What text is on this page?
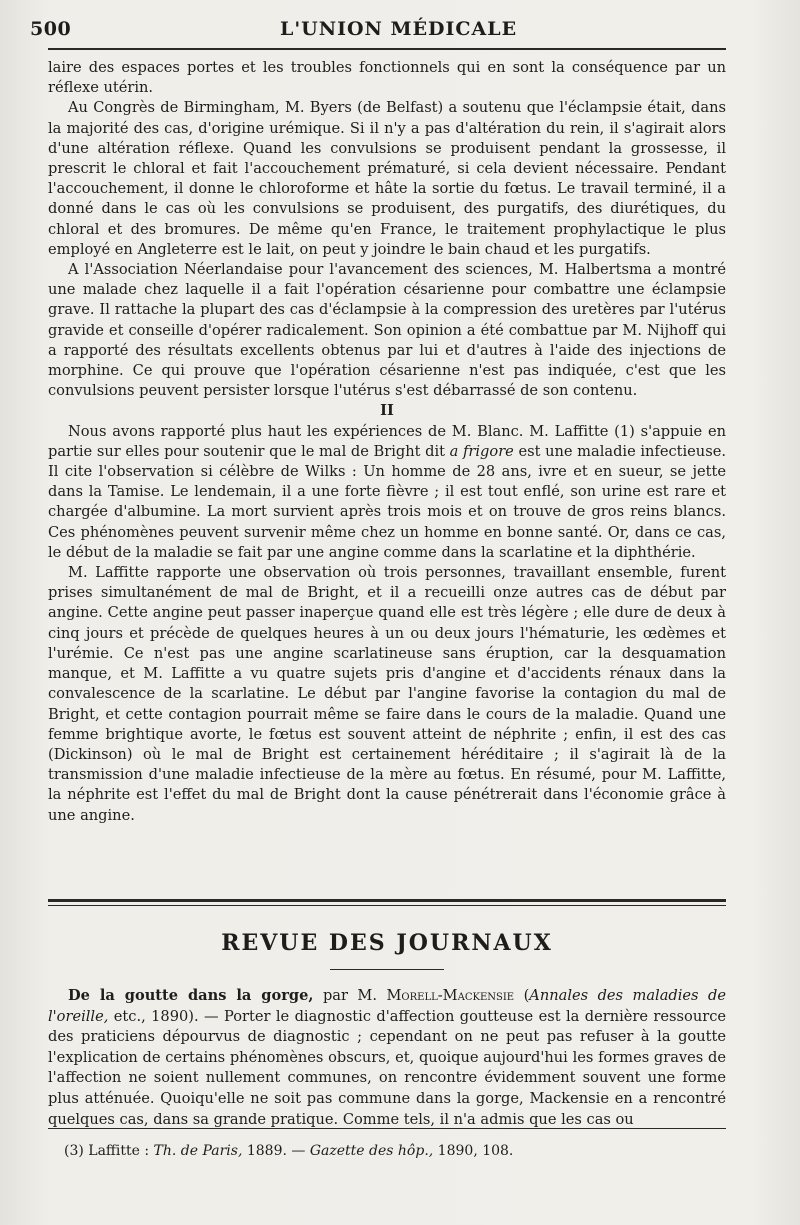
500	L'UNION MÉDICALE

laire des espaces portes et les troubles fonctionnels qui en sont la conséquence par un réflexe utérin.

Au Congrès de Birmingham, M. Byers (de Belfast) a soutenu que l'éclampsie était, dans la majorité des cas, d'origine urémique. Si il n'y a pas d'altération du rein, il s'agirait alors d'une altération réflexe. Quand les convulsions se produisent pendant la grossesse, il prescrit le chloral et fait l'accouchement prématuré, si cela devient nécessaire. Pendant l'accouchement, il donne le chloroforme et hâte la sortie du fœtus. Le travail terminé, il a donné dans le cas où les convulsions se produisent, des purgatifs, des diurétiques, du chloral et des bromures. De même qu'en France, le traitement prophylactique le plus employé en Angleterre est le lait, on peut y joindre le bain chaud et les purgatifs.

A l'Association Néerlandaise pour l'avancement des sciences, M. Halbertsma a montré une malade chez laquelle il a fait l'opération césarienne pour combattre une éclampsie grave. Il rattache la plupart des cas d'éclampsie à la compression des uretères par l'utérus gravide et conseille d'opérer radicalement. Son opinion a été combattue par M. Nijhoff qui a rapporté des résultats excellents obtenus par lui et d'autres à l'aide des injections de morphine. Ce qui prouve que l'opération césarienne n'est pas indiquée, c'est que les convulsions peuvent persister lorsque l'utérus s'est débarrassé de son contenu.

II

Nous avons rapporté plus haut les expériences de M. Blanc. M. Laffitte (1) s'appuie en partie sur elles pour soutenir que le mal de Bright dit a frigore est une maladie infectieuse. Il cite l'observation si célèbre de Wilks : Un homme de 28 ans, ivre et en sueur, se jette dans la Tamise. Le lendemain, il a une forte fièvre ; il est tout enflé, son urine est rare et chargée d'albumine. La mort survient après trois mois et on trouve de gros reins blancs. Ces phénomènes peuvent survenir même chez un homme en bonne santé. Or, dans ce cas, le début de la maladie se fait par une angine comme dans la scarlatine et la diphthérie.

M. Laffitte rapporte une observation où trois personnes, travaillant ensemble, furent prises simultanément de mal de Bright, et il a recueilli onze autres cas de début par angine. Cette angine peut passer inaperçue quand elle est très légère ; elle dure de deux à cinq jours et précède de quelques heures à un ou deux jours l'hématurie, les œdèmes et l'urémie. Ce n'est pas une angine scarlatineuse sans éruption, car la desquamation manque, et M. Laffitte a vu quatre sujets pris d'angine et d'accidents rénaux dans la convalescence de la scarlatine. Le début par l'angine favorise la contagion du mal de Bright, et cette contagion pourrait même se faire dans le cours de la maladie. Quand une femme brightique avorte, le fœtus est souvent atteint de néphrite ; enfin, il est des cas (Dickinson) où le mal de Bright est certainement héréditaire ; il s'agirait là de la transmission d'une maladie infectieuse de la mère au fœtus. En résumé, pour M. Laffitte, la néphrite est l'effet du mal de Bright dont la cause pénétrerait dans l'économie grâce à une angine.

REVUE DES JOURNAUX

De la goutte dans la gorge, par M. Morell-Mackensie (Annales des maladies de l'oreille, etc., 1890). — Porter le diagnostic d'affection goutteuse est la dernière ressource des praticiens dépourvus de diagnostic ; cependant on ne peut pas refuser à la goutte l'explication de certains phénomènes obscurs, et, quoique aujourd'hui les formes graves de l'affection ne soient nullement communes, on rencontre évidemment souvent une forme plus atténuée. Quoiqu'elle ne soit pas commune dans la gorge, Mackensie en a rencontré quelques cas, dans sa grande pratique. Comme tels, il n'a admis que les cas ou

(3) Laffitte : Th. de Paris, 1889. — Gazette des hôp., 1890, 108.
